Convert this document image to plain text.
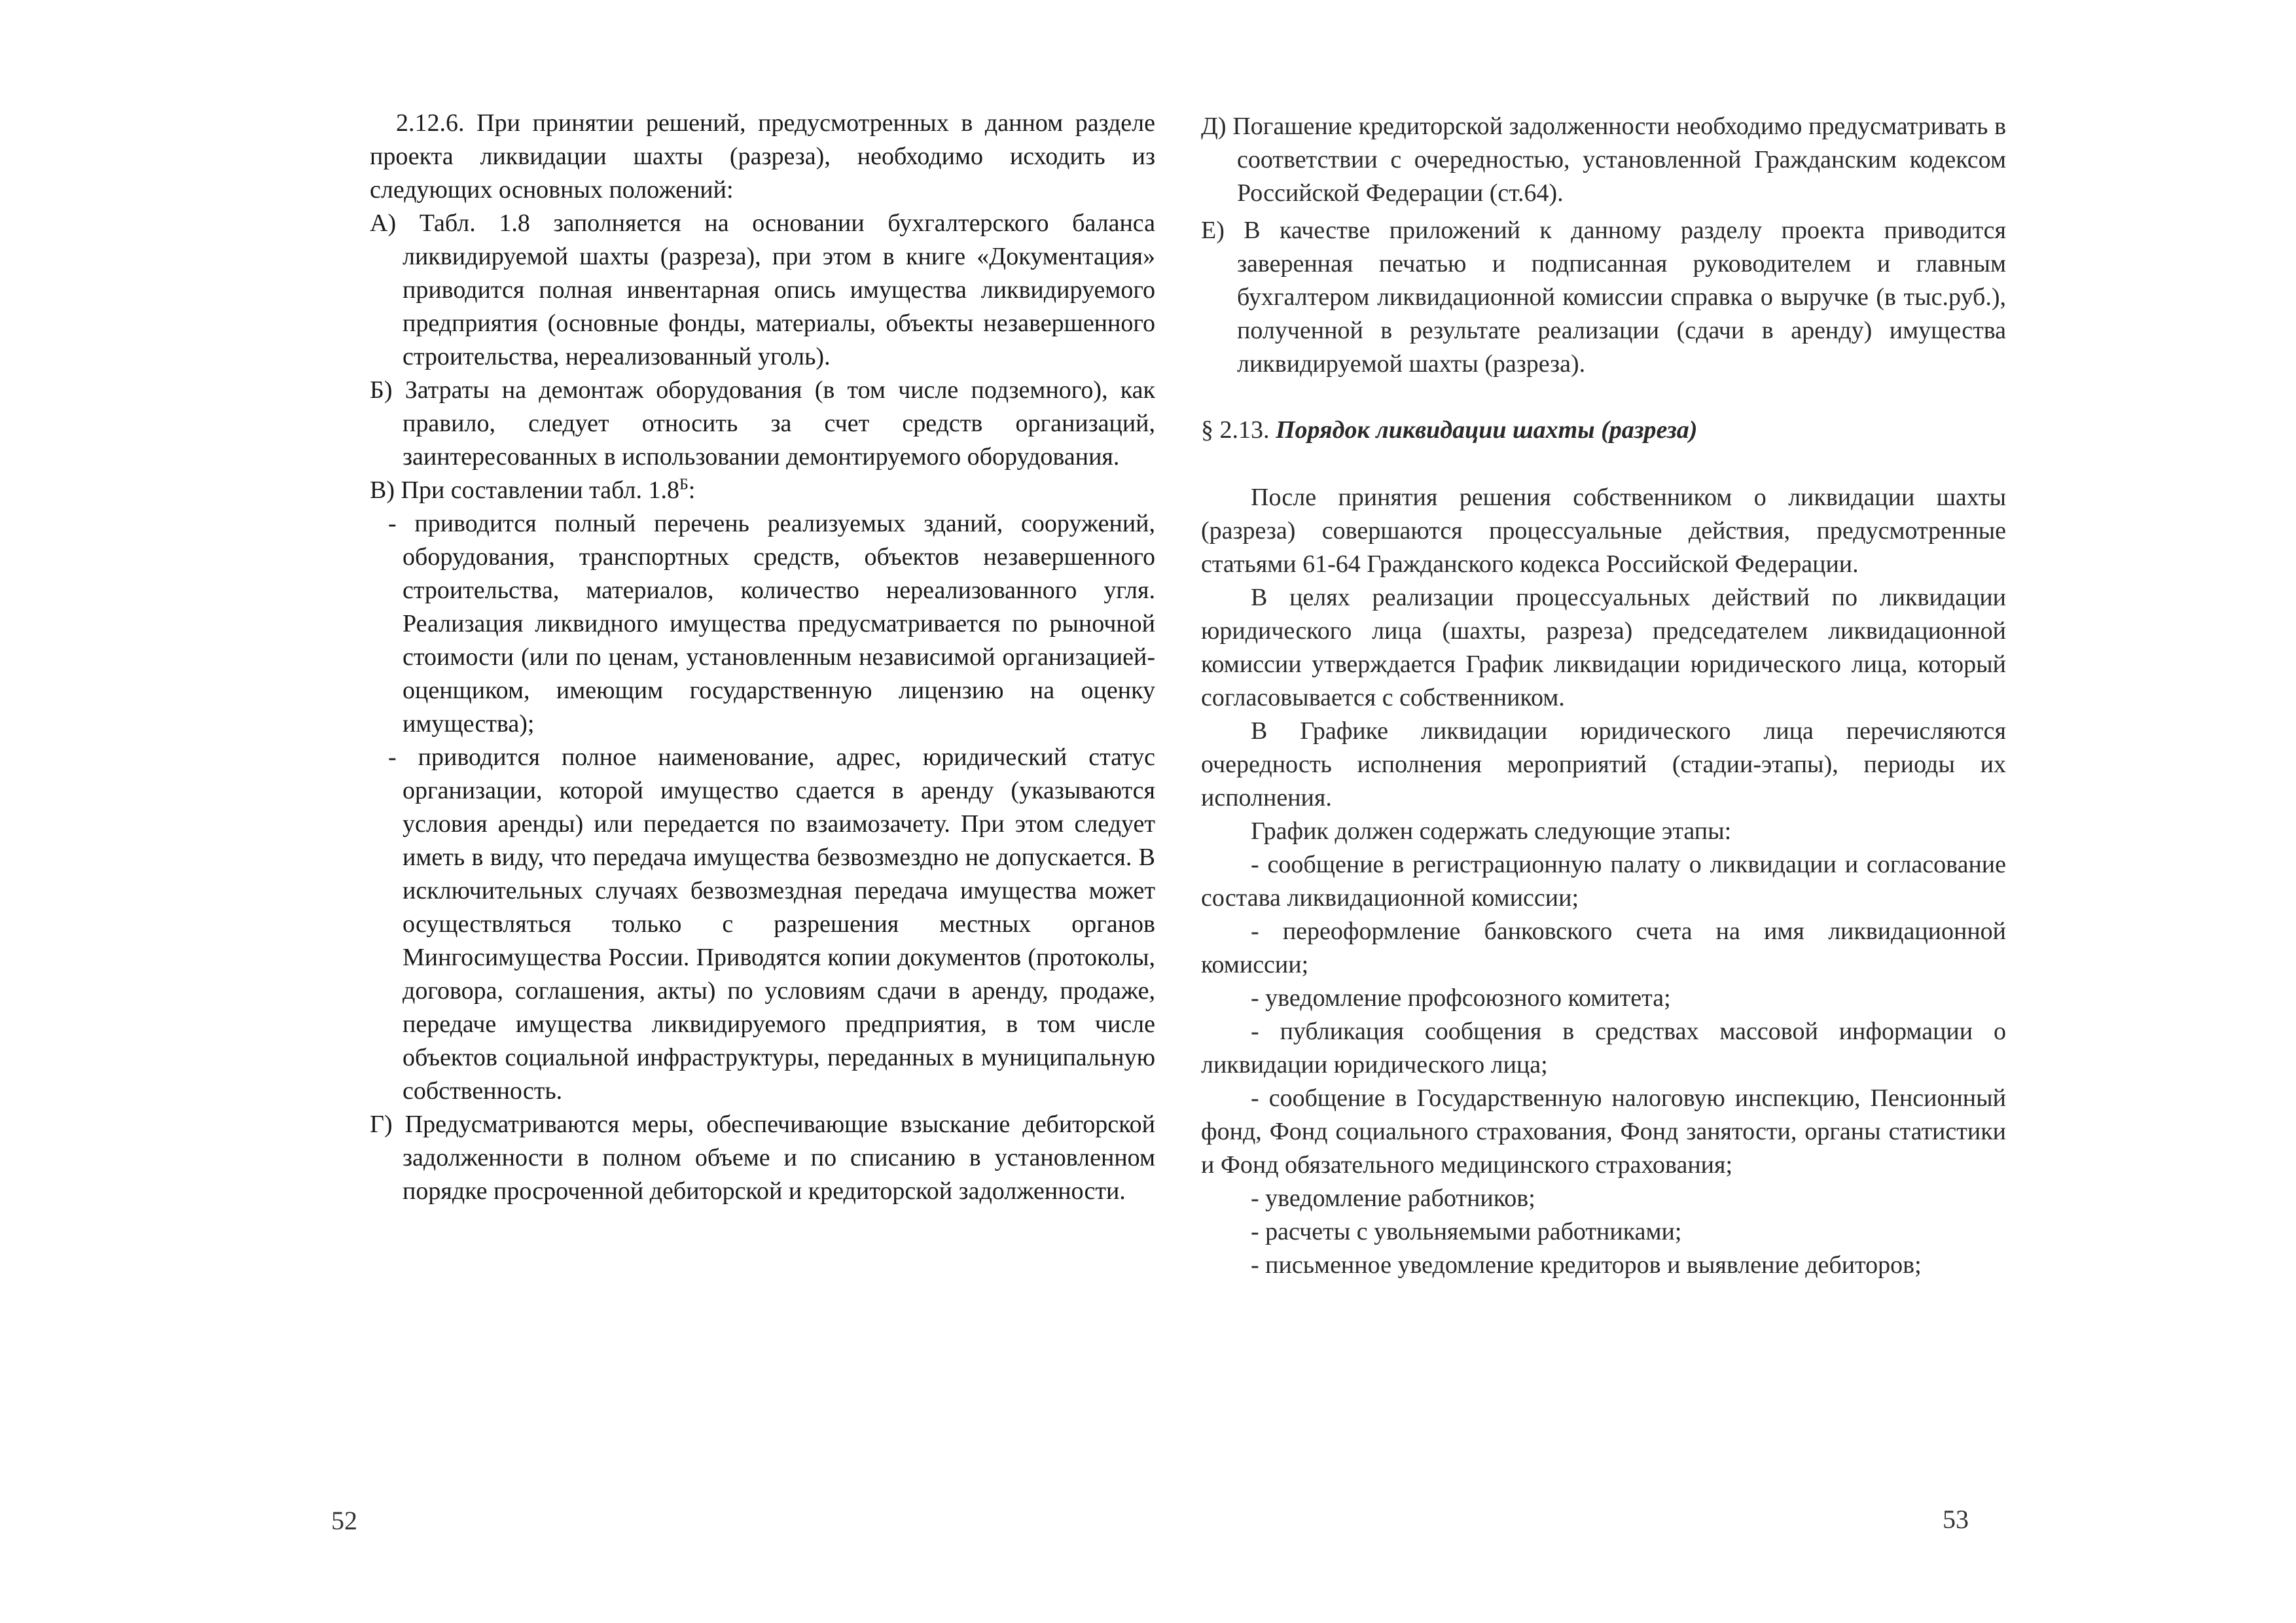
2.12.6. При принятии решений, предусмотренных в данном разделе проекта ликвидации шахты (разреза), необходимо исходить из следующих основных положений:

А) Табл. 1.8 заполняется на основании бухгалтерского баланса ликвидируемой шахты (разреза), при этом в книге «Документация» приводится полная инвентарная опись имущества ликвидируемого предприятия (основные фонды, материалы, объекты незавершенного строительства, нереализованный уголь).

Б) Затраты на демонтаж оборудования (в том числе подземного), как правило, следует относить за счет средств организаций, заинтересованных в использовании демонтируемого оборудования.

В) При составлении табл. $1.8^Б$:

- приводится полный перечень реализуемых зданий, сооружений, оборудования, транспортных средств, объектов незавершенного строительства, материалов, количество нереализованного угля. Реализация ликвидного имущества предусматривается по рыночной стоимости (или по ценам, установленным независимой организацией-оценщиком, имеющим государственную лицензию на оценку имущества);

- приводится полное наименование, адрес, юридический статус организации, которой имущество сдается в аренду (указываются условия аренды) или передается по взаимозачету. При этом следует иметь в виду, что передача имущества безвозмездно не допускается. В исключительных случаях безвозмездная передача имущества может осуществляться только с разрешения местных органов Мингосимущества России. Приводятся копии документов (протоколы, договора, соглашения, акты) по условиям сдачи в аренду, продаже, передаче имущества ликвидируемого предприятия, в том числе объектов социальной инфраструктуры, переданных в муниципальную собственность.

Г) Предусматриваются меры, обеспечивающие взыскание дебиторской задолженности в полном объеме и по списанию в установленном порядке просроченной дебиторской и кредиторской задолженности.

Д) Погашение кредиторской задолженности необходимо предусматривать в соответствии с очередностью, установленной Гражданским кодексом Российской Федерации (ст.64).

Е) В качестве приложений к данному разделу проекта приводится заверенная печатью и подписанная руководителем и главным бухгалтером ликвидационной комиссии справка о выручке (в тыс.руб.), полученной в результате реализации (сдачи в аренду) имущества ликвидируемой шахты (разреза).

§ 2.13. Порядок ликвидации шахты (разреза)

После принятия решения собственником о ликвидации шахты (разреза) совершаются процессуальные действия, предусмотренные статьями 61-64 Гражданского кодекса Российской Федерации.

В целях реализации процессуальных действий по ликвидации юридического лица (шахты, разреза) председателем ликвидационной комиссии утверждается График ликвидации юридического лица, который согласовывается с собственником.

В Графике ликвидации юридического лица перечисляются очередность исполнения мероприятий (стадии-этапы), периоды их исполнения.

График должен содержать следующие этапы:

- сообщение в регистрационную палату о ликвидации и согласование состава ликвидационной комиссии;

- переоформление банковского счета на имя ликвидационной комиссии;

- уведомление профсоюзного комитета;

- публикация сообщения в средствах массовой информации о ликвидации юридического лица;

- сообщение в Государственную налоговую инспекцию, Пенсионный фонд, Фонд социального страхования, Фонд занятости, органы статистики и Фонд обязательного медицинского страхования;

- уведомление работников;

- расчеты с увольняемыми работниками;

- письменное уведомление кредиторов и выявление дебиторов;

52	53
